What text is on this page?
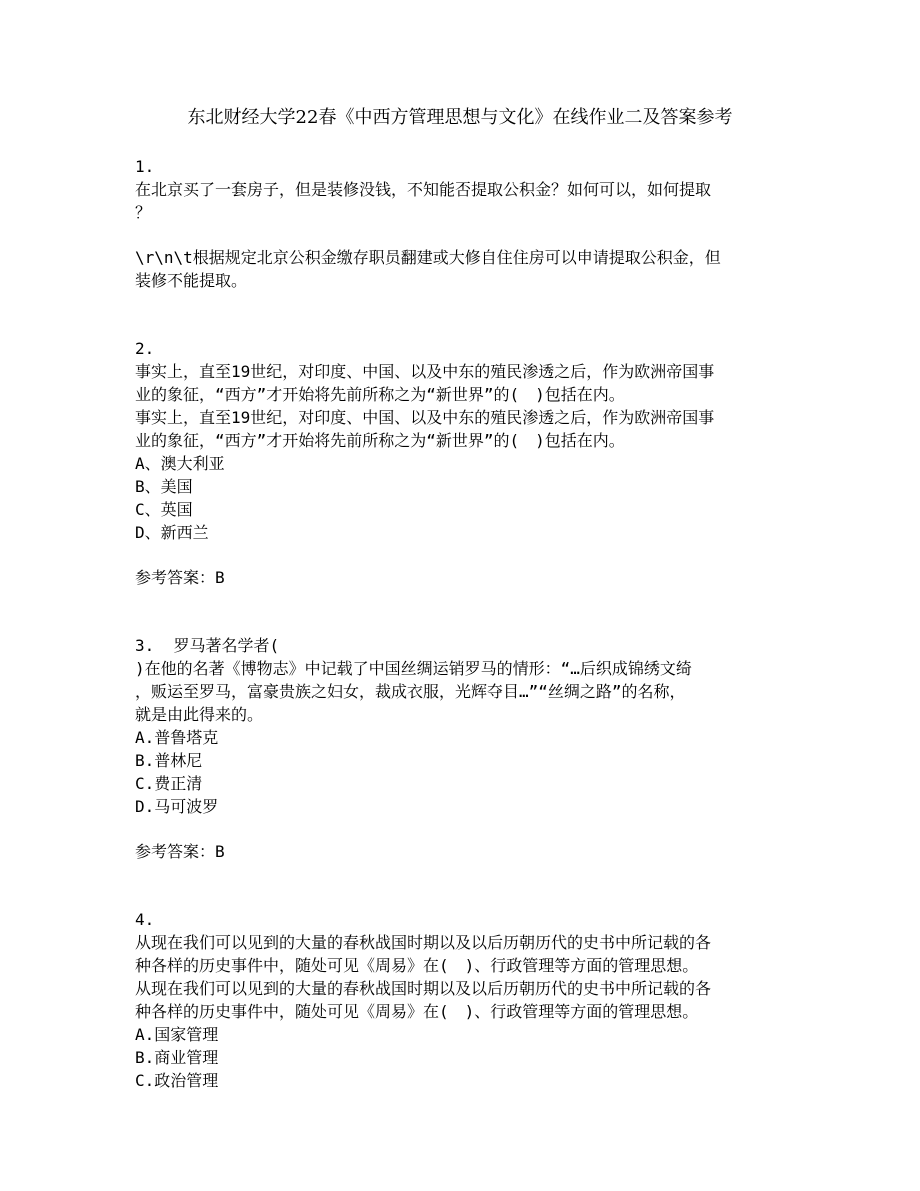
东北财经大学22春《中西方管理思想与文化》在线作业二及答案参考
1.
在北京买了一套房子，但是装修没钱，不知能否提取公积金？如何可以，如何提取
？
\r\n\t根据规定北京公积金缴存职员翻建或大修自住住房可以申请提取公积金，但
装修不能提取。
2.
事实上，直至19世纪，对印度、中国、以及中东的殖民渗透之后，作为欧洲帝国事
业的象征，“西方”才开始将先前所称之为“新世界”的(　)包括在内。
事实上，直至19世纪，对印度、中国、以及中东的殖民渗透之后，作为欧洲帝国事
业的象征，“西方”才开始将先前所称之为“新世界”的(　)包括在内。
A、澳大利亚
B、美国
C、英国
D、新西兰
参考答案：B
3. 罗马著名学者(
)在他的名著《博物志》中记载了中国丝绸运销罗马的情形：“…后织成锦绣文绮
，贩运至罗马，富豪贵族之妇女，裁成衣服，光辉夺目…”“丝绸之路”的名称，
就是由此得来的。
A.普鲁塔克
B.普林尼
C.费正清
D.马可波罗
参考答案：B
4.
从现在我们可以见到的大量的春秋战国时期以及以后历朝历代的史书中所记载的各
种各样的历史事件中，随处可见《周易》在(　)、行政管理等方面的管理思想。
从现在我们可以见到的大量的春秋战国时期以及以后历朝历代的史书中所记载的各
种各样的历史事件中，随处可见《周易》在(　)、行政管理等方面的管理思想。
A.国家管理
B.商业管理
C.政治管理
